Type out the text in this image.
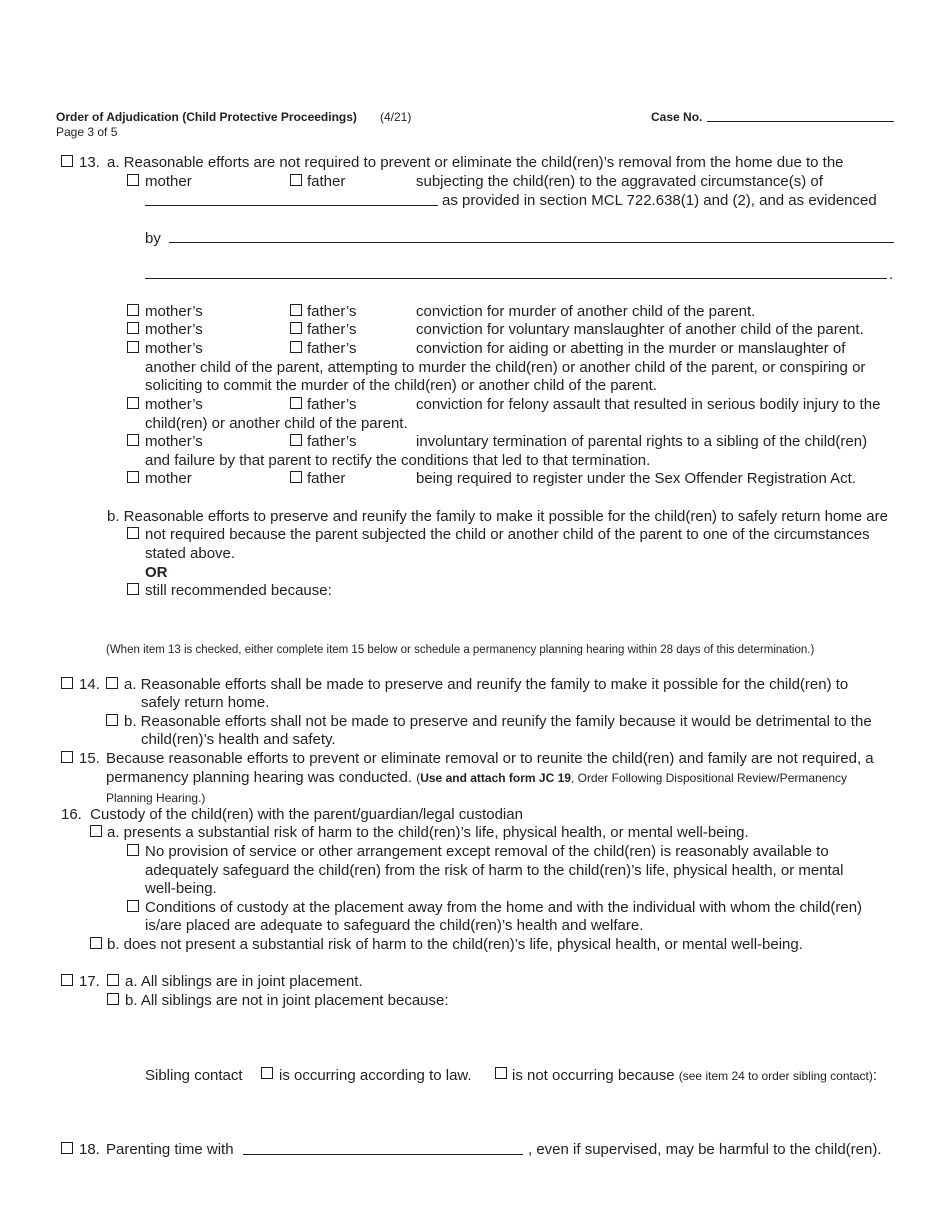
Order of Adjudication (Child Protective Proceedings) (4/21)
Page 3 of 5
Case No.
13. a. Reasonable efforts are not required to prevent or eliminate the child(ren)’s removal from the home due to the
mother	father	subjecting the child(ren) to the aggravated circumstance(s) of
as provided in section MCL 722.638(1) and (2), and as evidenced
by
.
mother’s	father’s	conviction for murder of another child of the parent.
mother’s	father’s	conviction for voluntary manslaughter of another child of the parent.
mother’s	father’s	conviction for aiding or abetting in the murder or manslaughter of
another child of the parent, attempting to murder the child(ren) or another child of the parent, or conspiring or
soliciting to commit the murder of the child(ren) or another child of the parent.
mother’s	father’s	conviction for felony assault that resulted in serious bodily injury to the
child(ren) or another child of the parent.
mother’s	father’s	involuntary termination of parental rights to a sibling of the child(ren)
and failure by that parent to rectify the conditions that led to that termination.
mother	father	being required to register under the Sex Offender Registration Act.
b. Reasonable efforts to preserve and reunify the family to make it possible for the child(ren) to safely return home are
not required because the parent subjected the child or another child of the parent to one of the circumstances
stated above.
OR
still recommended because:
(When item 13 is checked, either complete item 15 below or schedule a permanency planning hearing within 28 days of this determination.)
14. a. Reasonable efforts shall be made to preserve and reunify the family to make it possible for the child(ren) to
safely return home.
b. Reasonable efforts shall not be made to preserve and reunify the family because it would be detrimental to the
child(ren)’s health and safety.
15. Because reasonable efforts to prevent or eliminate removal or to reunite the child(ren) and family are not required, a
permanency planning hearing was conducted. (Use and attach form JC 19, Order Following Dispositional Review/Permanency
Planning Hearing.)
16.  Custody of the child(ren) with the parent/guardian/legal custodian
a. presents a substantial risk of harm to the child(ren)’s life, physical health, or mental well-being.
No provision of service or other arrangement except removal of the child(ren) is reasonably available to
adequately safeguard the child(ren) from the risk of harm to the child(ren)’s life, physical health, or mental
well-being.
Conditions of custody at the placement away from the home and with the individual with whom the child(ren)
is/are placed are adequate to safeguard the child(ren)’s health and welfare.
b. does not present a substantial risk of harm to the child(ren)’s life, physical health, or mental well-being.
17. a. All siblings are in joint placement.
b. All siblings are not in joint placement because:
Sibling contact is occurring according to law.	is not occurring because (see item 24 to order sibling contact):
18. Parenting time with	, even if supervised, may be harmful to the child(ren).
